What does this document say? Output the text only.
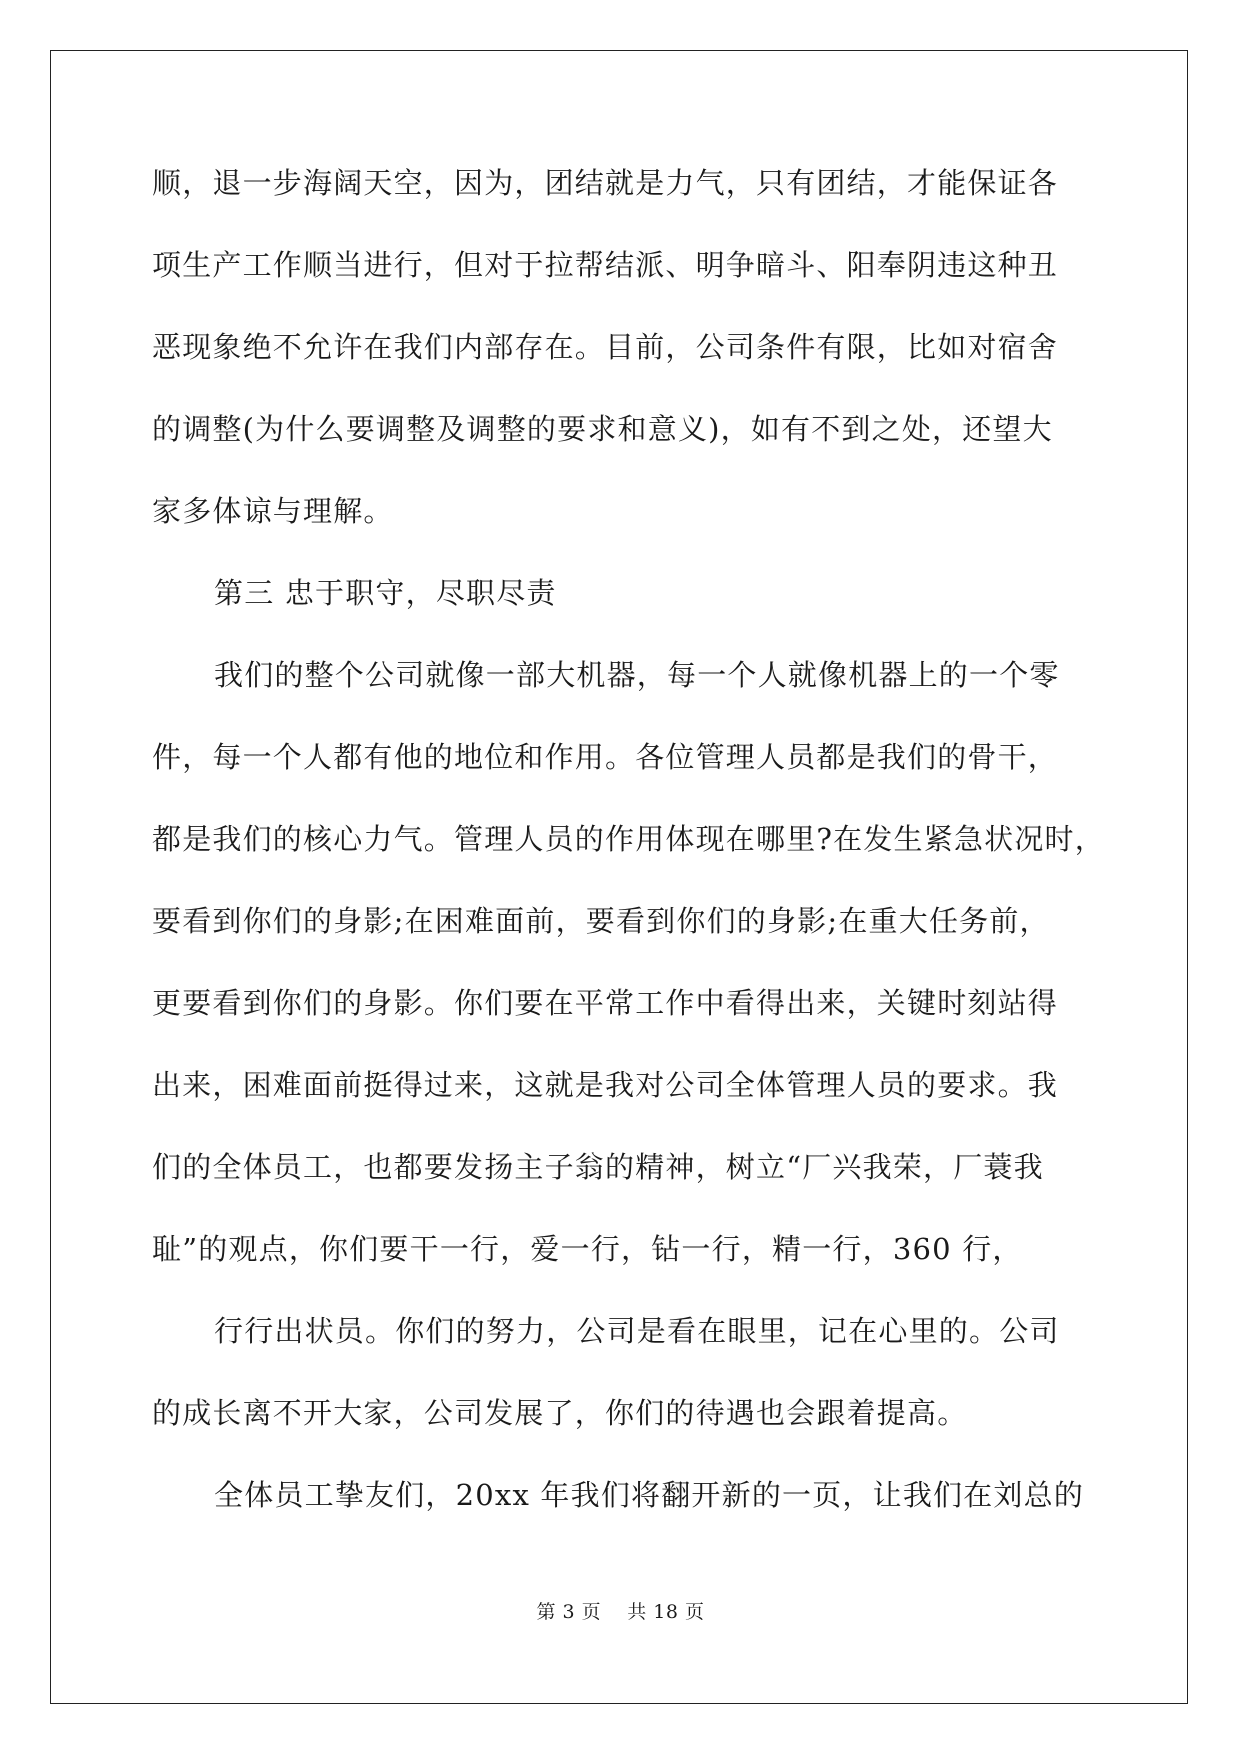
顺，退一步海阔天空，因为，团结就是力气，只有团结，才能保证各
项生产工作顺当进行，但对于拉帮结派、明争暗斗、阳奉阴违这种丑
恶现象绝不允许在我们内部存在。目前，公司条件有限，比如对宿舍
的调整(为什么要调整及调整的要求和意义)，如有不到之处，还望大
家多体谅与理解。
第三 忠于职守，尽职尽责
我们的整个公司就像一部大机器，每一个人就像机器上的一个零
件，每一个人都有他的地位和作用。各位管理人员都是我们的骨干，
都是我们的核心力气。管理人员的作用体现在哪里?在发生紧急状况时，
要看到你们的身影;在困难面前，要看到你们的身影;在重大任务前，
更要看到你们的身影。你们要在平常工作中看得出来，关键时刻站得
出来，困难面前挺得过来，这就是我对公司全体管理人员的要求。我
们的全体员工，也都要发扬主子翁的精神，树立“厂兴我荣，厂蓑我
耻”的观点，你们要干一行，爱一行，钻一行，精一行，360 行，
行行出状员。你们的努力，公司是看在眼里，记在心里的。公司
的成长离不开大家，公司发展了，你们的待遇也会跟着提高。
全体员工挚友们，20xx 年我们将翻开新的一页，让我们在刘总的
第 3 页　 共 18 页
